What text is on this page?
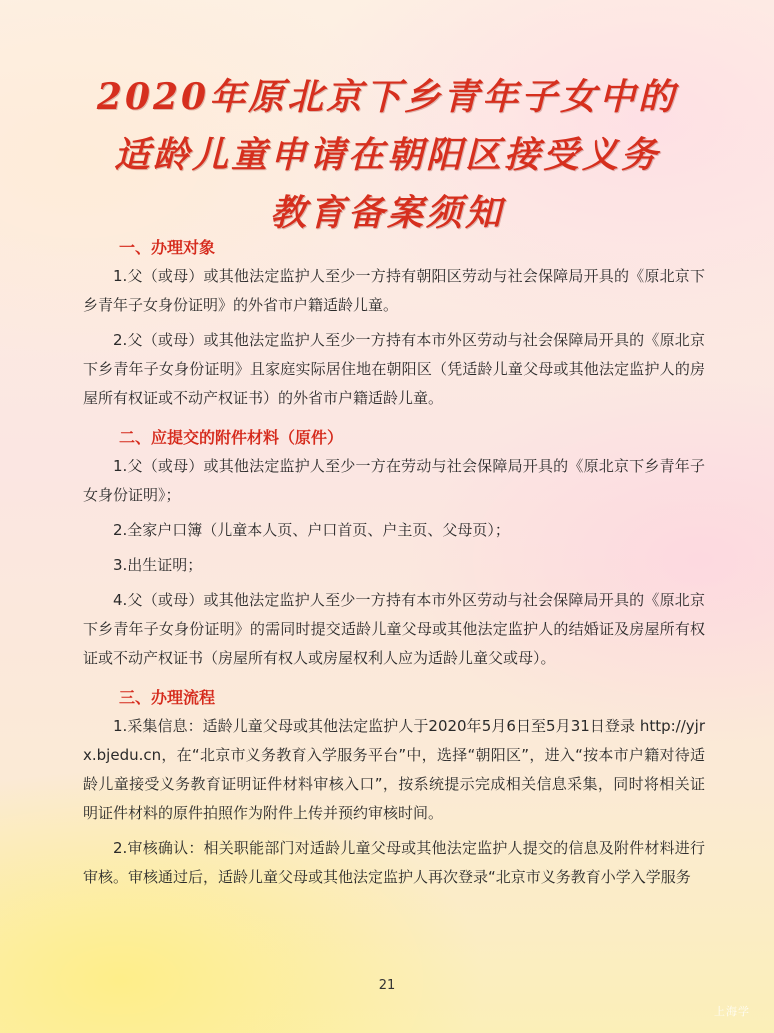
2020年原北京下乡青年子女中的
适龄儿童申请在朝阳区接受义务
教育备案须知
一、办理对象

1.父（或母）或其他法定监护人至少一方持有朝阳区劳动与社会保障局开具的《原北京下乡青年子女身份证明》的外省市户籍适龄儿童。

2.父（或母）或其他法定监护人至少一方持有本市外区劳动与社会保障局开具的《原北京下乡青年子女身份证明》且家庭实际居住地在朝阳区（凭适龄儿童父母或其他法定监护人的房屋所有权证或不动产权证书）的外省市户籍适龄儿童。

二、应提交的附件材料（原件）

1.父（或母）或其他法定监护人至少一方在劳动与社会保障局开具的《原北京下乡青年子女身份证明》；

2.全家户口簿（儿童本人页、户口首页、户主页、父母页）；

3.出生证明；

4.父（或母）或其他法定监护人至少一方持有本市外区劳动与社会保障局开具的《原北京下乡青年子女身份证明》的需同时提交适龄儿童父母或其他法定监护人的结婚证及房屋所有权证或不动产权证书（房屋所有权人或房屋权利人应为适龄儿童父或母）。

三、办理流程

1.采集信息：适龄儿童父母或其他法定监护人于2020年5月6日至5月31日登录 http://yjrx.bjedu.cn，在“北京市义务教育入学服务平台”中，选择“朝阳区”，进入“按本市户籍对待适龄儿童接受义务教育证明证件材料审核入口”，按系统提示完成相关信息采集，同时将相关证明证件材料的原件拍照作为附件上传并预约审核时间。

2.审核确认：相关职能部门对适龄儿童父母或其他法定监护人提交的信息及附件材料进行审核。审核通过后，适龄儿童父母或其他法定监护人再次登录“北京市义务教育小学入学服务

21
上海学
